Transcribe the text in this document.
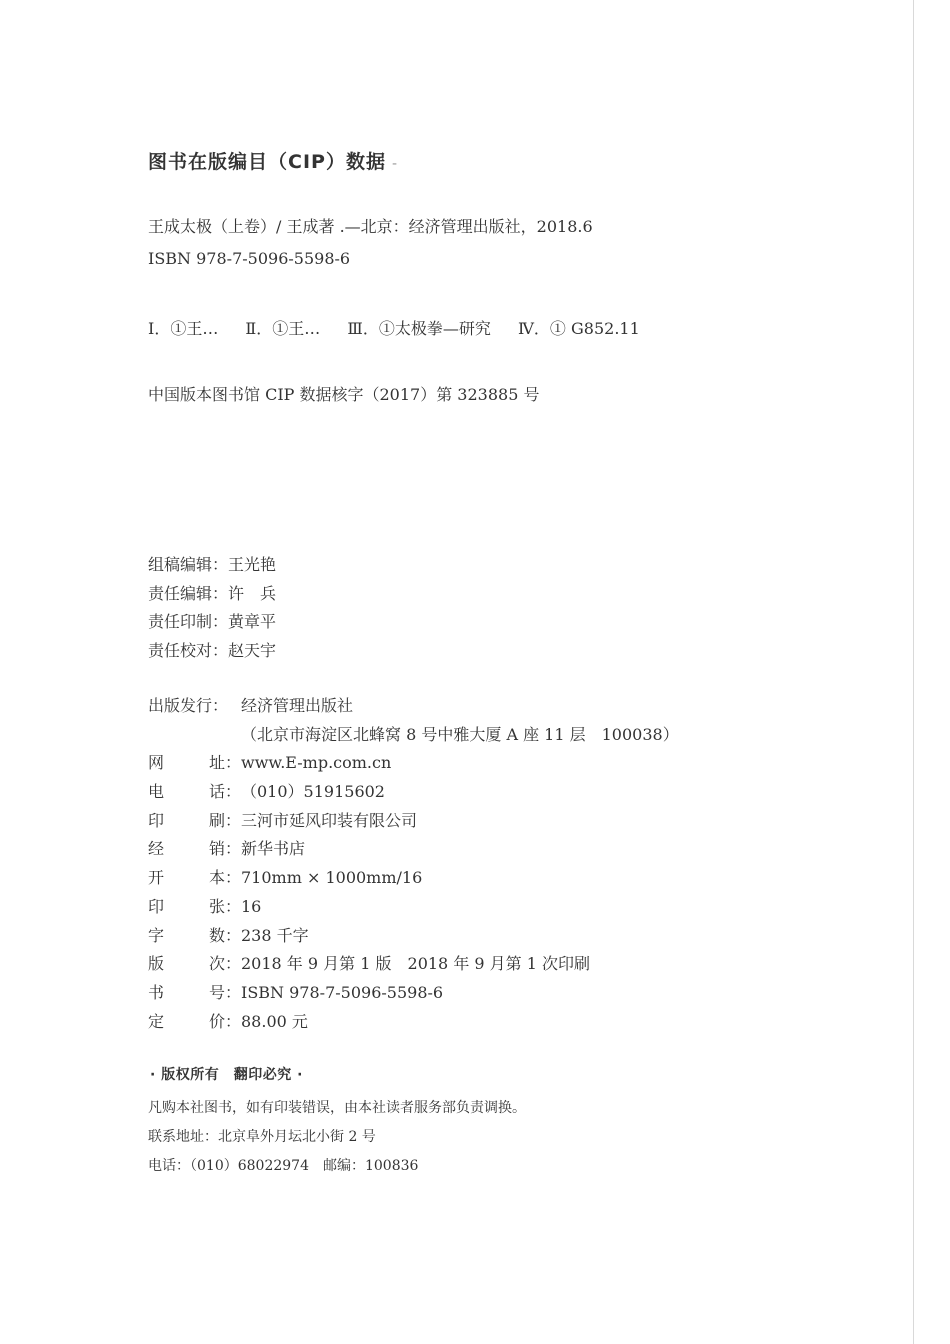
图书在版编目（CIP）数据 -
王成太极（上卷）/ 王成著 .—北京：经济管理出版社，2018.6
ISBN 978-7-5096-5598-6
Ⅰ．①王… Ⅱ．①王… Ⅲ．①太极拳—研究 Ⅳ．① G852.11
中国版本图书馆 CIP 数据核字（2017）第 323885 号
组稿编辑：王光艳
责任编辑：许　兵
责任印制：黄章平
责任校对：赵天宇
出版发行： 经济管理出版社
（北京市海淀区北蜂窝 8 号中雅大厦 A 座 11 层　100038）
网	址： www.E-mp.com.cn
电	话： （010）51915602
印	刷： 三河市延风印装有限公司
经	销： 新华书店
开	本： 710mm × 1000mm/16
印	张： 16
字	数： 238 千字
版	次： 2018 年 9 月第 1 版　2018 年 9 月第 1 次印刷
书	号： ISBN 978-7-5096-5598-6
定	价： 88.00 元
· 版权所有　翻印必究 ·
凡购本社图书，如有印装错误，由本社读者服务部负责调换。
联系地址：北京阜外月坛北小街 2 号
电话：（010）68022974　邮编：100836
